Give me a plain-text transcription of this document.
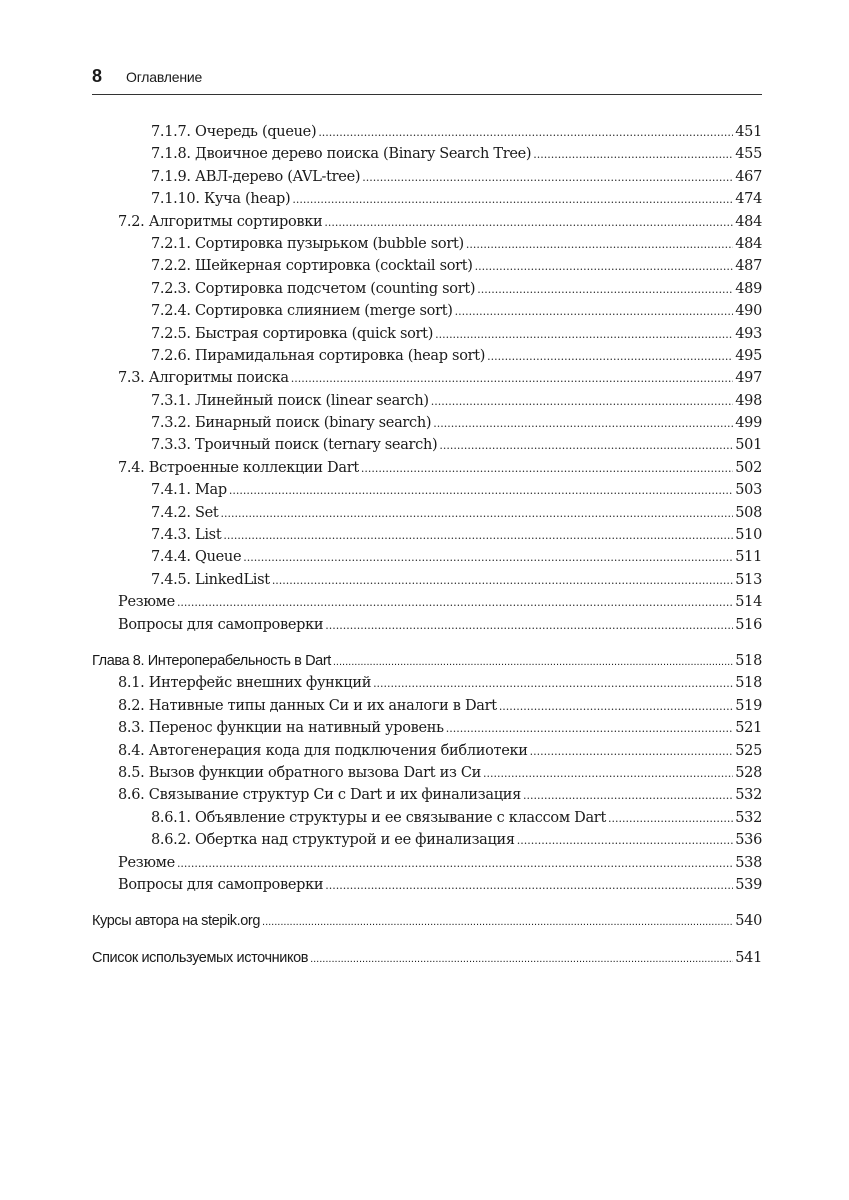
8 Оглавление
7.1.7. Очередь (queue) .....	451
7.1.8. Двоичное дерево поиска (Binary Search Tree) .....	455
7.1.9. АВЛ-дерево (AVL-tree) .....	467
7.1.10. Куча (heap) .....	474
7.2. Алгоритмы сортировки .....	484
7.2.1. Сортировка пузырьком (bubble sort) .....	484
7.2.2. Шейкерная сортировка (cocktail sort) .....	487
7.2.3. Сортировка подсчетом (counting sort) .....	489
7.2.4. Сортировка слиянием (merge sort) .....	490
7.2.5. Быстрая сортировка (quick sort) .....	493
7.2.6. Пирамидальная сортировка (heap sort) .....	495
7.3. Алгоритмы поиска .....	497
7.3.1. Линейный поиск (linear search) .....	498
7.3.2. Бинарный поиск (binary search) .....	499
7.3.3. Троичный поиск (ternary search) .....	501
7.4. Встроенные коллекции Dart .....	502
7.4.1. Map .....	503
7.4.2. Set .....	508
7.4.3. List .....	510
7.4.4. Queue .....	511
7.4.5. LinkedList .....	513
Резюме .....	514
Вопросы для самопроверки .....	516
Глава 8. Интероперабельность в Dart .....	518
8.1. Интерфейс внешних функций .....	518
8.2. Нативные типы данных Си и их аналоги в Dart .....	519
8.3. Перенос функции на нативный уровень .....	521
8.4. Автогенерация кода для подключения библиотеки .....	525
8.5. Вызов функции обратного вызова Dart из Си .....	528
8.6. Связывание структур Си с Dart и их финализация .....	532
8.6.1. Объявление структуры и ее связывание с классом Dart .....	532
8.6.2. Обертка над структурой и ее финализация .....	536
Резюме .....	538
Вопросы для самопроверки .....	539
Курсы автора на stepik.org .....	540
Список используемых источников .....	541
